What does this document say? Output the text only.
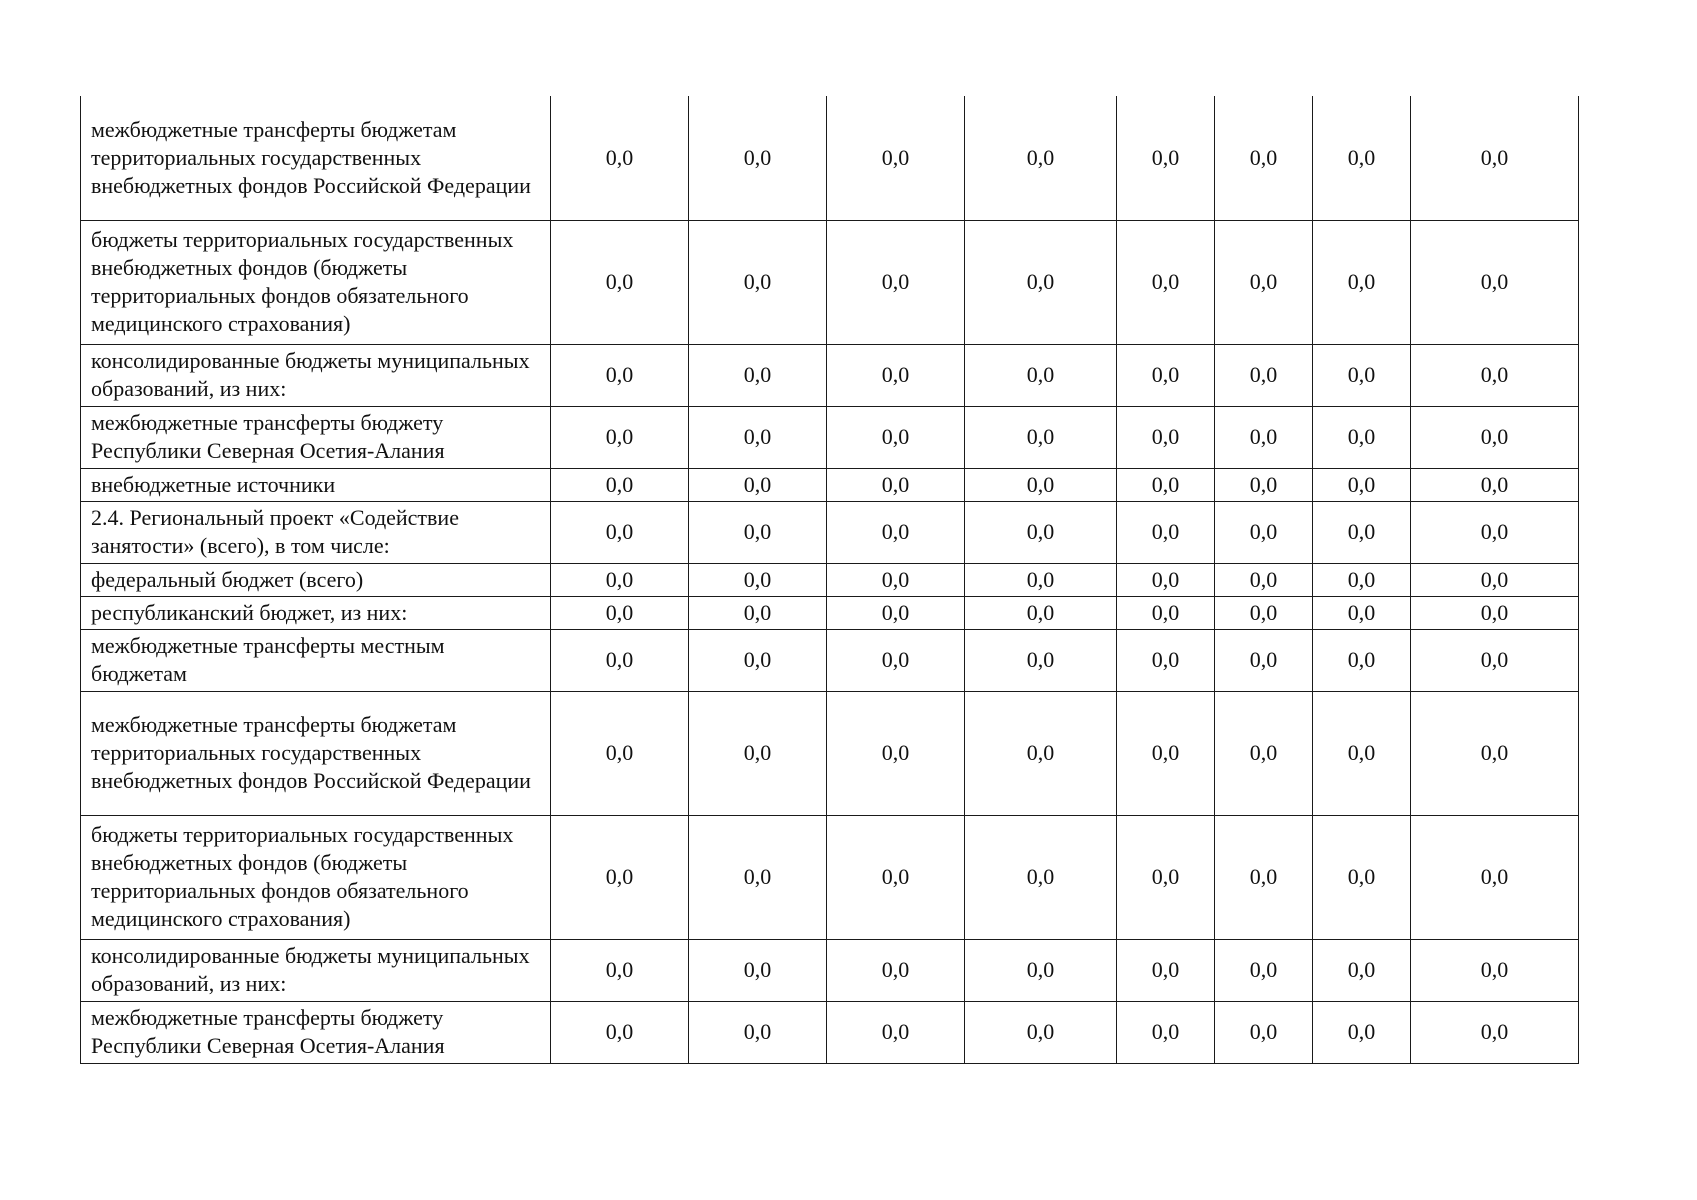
межбюджетные трансферты бюджетам территориальных государственных внебюджетных фондов Российской Федерации	0,0	0,0	0,0	0,0	0,0	0,0	0,0	0,0
бюджеты территориальных государственных внебюджетных фондов (бюджеты территориальных фондов обязательного медицинского страхования)	0,0	0,0	0,0	0,0	0,0	0,0	0,0	0,0
консолидированные бюджеты муниципальных образований, из них:	0,0	0,0	0,0	0,0	0,0	0,0	0,0	0,0
межбюджетные трансферты бюджету Республики Северная Осетия-Алания	0,0	0,0	0,0	0,0	0,0	0,0	0,0	0,0
внебюджетные источники	0,0	0,0	0,0	0,0	0,0	0,0	0,0	0,0
2.4. Региональный проект «Содействие занятости» (всего), в том числе:	0,0	0,0	0,0	0,0	0,0	0,0	0,0	0,0
федеральный бюджет (всего)	0,0	0,0	0,0	0,0	0,0	0,0	0,0	0,0
республиканский бюджет, из них:	0,0	0,0	0,0	0,0	0,0	0,0	0,0	0,0
межбюджетные трансферты местным бюджетам	0,0	0,0	0,0	0,0	0,0	0,0	0,0	0,0
межбюджетные трансферты бюджетам территориальных государственных внебюджетных фондов Российской Федерации	0,0	0,0	0,0	0,0	0,0	0,0	0,0	0,0
бюджеты территориальных государственных внебюджетных фондов (бюджеты территориальных фондов обязательного медицинского страхования)	0,0	0,0	0,0	0,0	0,0	0,0	0,0	0,0
консолидированные бюджеты муниципальных образований, из них:	0,0	0,0	0,0	0,0	0,0	0,0	0,0	0,0
межбюджетные трансферты бюджету Республики Северная Осетия-Алания	0,0	0,0	0,0	0,0	0,0	0,0	0,0	0,0
